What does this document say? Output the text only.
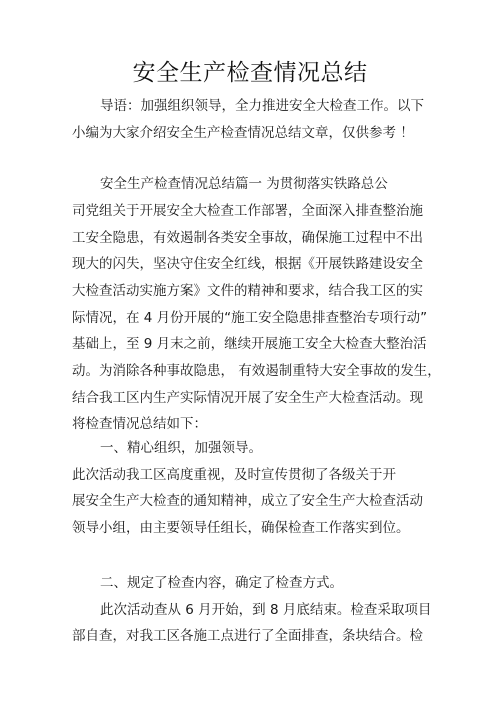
安全生产检查情况总结
导语：加强组织领导，全力推进安全大检查工作。以下
小编为大家介绍安全生产检查情况总结文章，仅供参考 ！
安全生产检查情况总结篇一 为贯彻落实铁路总公
司党组关于开展安全大检查工作部署，全面深入排查整治施
工安全隐患，有效遏制各类安全事故，确保施工过程中不出
现大的闪失，坚决守住安全红线，根据《开展铁路建设安全
大检查活动实施方案》文件的精神和要求，结合我工区的实
际情况，在 4 月份开展的“施工安全隐患排查整治专项行动”
基础上，至 9 月末之前，继续开展施工安全大检查大整治活
动。为消除各种事故隐患， 有效遏制重特大安全事故的发生，
结合我工区内生产实际情况开展了安全生产大检查活动。现
将检查情况总结如下：
一、精心组织，加强领导。
此次活动我工区高度重视，及时宣传贯彻了各级关于开
展安全生产大检查的通知精神，成立了安全生产大检查活动
领导小组，由主要领导任组长，确保检查工作落实到位。
二、规定了检查内容，确定了检查方式。
此次活动查从 6 月开始，到 8 月底结束。检查采取项目
部自查，对我工区各施工点进行了全面排查，条块结合。检
